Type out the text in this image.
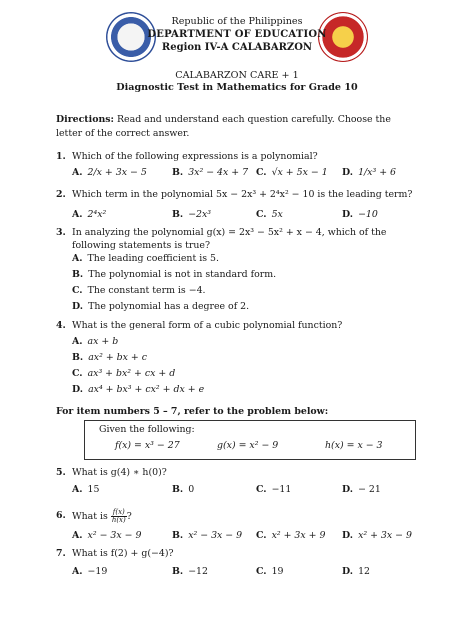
Republic of the Philippines
DEPARTMENT OF EDUCATION
Region IV-A CALABARZON
CALABARZON CARE + 1
Diagnostic Test in Mathematics for Grade 10
Directions: Read and understand each question carefully. Choose the letter of the correct answer.
1. Which of the following expressions is a polynomial?
A. 2/x + 3x − 5	B. 3x² − 4x + 7 C. √x + 5x − 1 D. 1/x³ + 6
2. Which term in the polynomial 5x − 2x³ + 2⁴x² − 10 is the leading term?
A. 2⁴x²	B. −2x³	C. 5x	D. −10
3. In analyzing the polynomial g(x) = 2x³ − 5x² + x − 4, which of the following statements is true?
A. The leading coefficient is 5.
B. The polynomial is not in standard form.
C. The constant term is −4.
D. The polynomial has a degree of 2.
4. What is the general form of a cubic polynomial function?
A. ax + b
B. ax² + bx + c
C. ax³ + bx² + cx + d
D. ax⁴ + bx³ + cx² + dx + e
For item numbers 5 – 7, refer to the problem below:
Given the following:
f(x) = x³ − 27	g(x) = x² − 9	h(x) = x − 3
5. What is g(4) ∗ h(0)?
A. 15	B. 0	C. −11	D. − 21
6. What is $\frac{f(x)}{h(x)}$ ?
A. x² − 3x − 9	B. x² − 3x − 9 C. x² + 3x + 9 D. x² + 3x − 9
7. What is f(2) + g(−4)?
A. −19	B. −12	C. 19	D. 12
